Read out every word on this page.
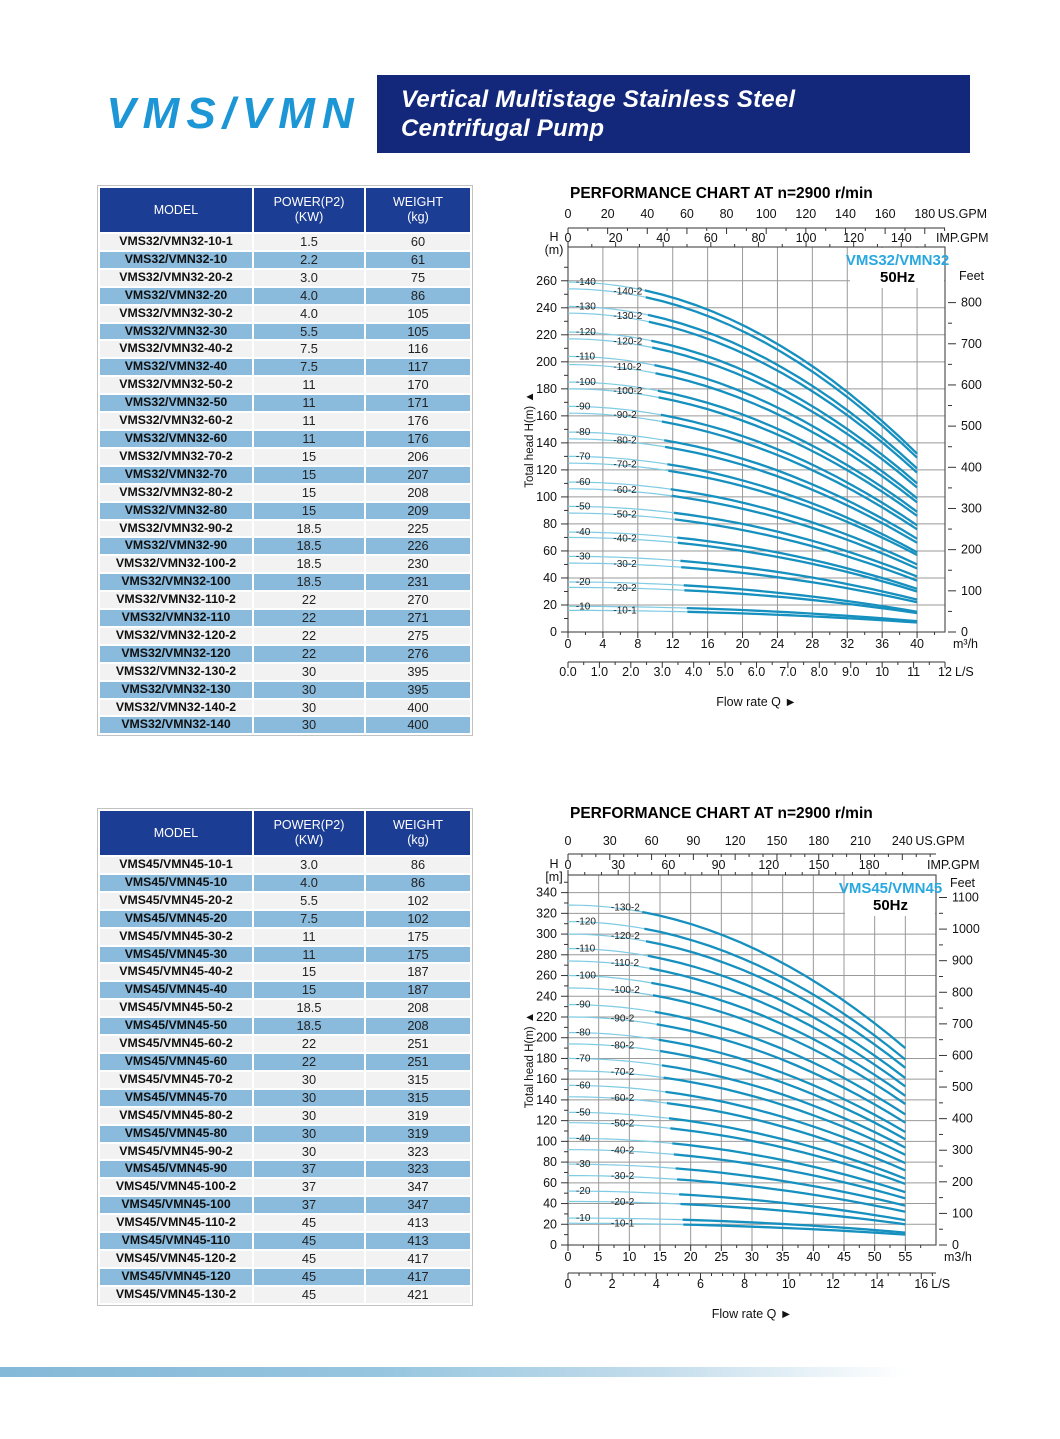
VMS/VMN Vertical Multistage Stainless Steel
Centrifugal Pump
MODEL

POWER(P2)
(KW)

WEIGHT
(kg)

VMS32/VMN32-10-1	1.5	60
VMS32/VMN32-10	2.2	61
VMS32/VMN32-20-2	3.0	75
VMS32/VMN32-20	4.0	86
VMS32/VMN32-30-2	4.0	105
VMS32/VMN32-30	5.5	105
VMS32/VMN32-40-2	7.5	116
VMS32/VMN32-40	7.5	117
VMS32/VMN32-50-2	11	170
VMS32/VMN32-50	11	171
VMS32/VMN32-60-2	11	176
VMS32/VMN32-60	11	176
VMS32/VMN32-70-2	15	206
VMS32/VMN32-70	15	207
VMS32/VMN32-80-2	15	208
VMS32/VMN32-80	15	209
VMS32/VMN32-90-2	18.5	225
VMS32/VMN32-90	18.5	226
VMS32/VMN32-100-2	18.5	230
VMS32/VMN32-100	18.5	231
VMS32/VMN32-110-2	22	270
VMS32/VMN32-110	22	271
VMS32/VMN32-120-2	22	275
VMS32/VMN32-120	22	276
VMS32/VMN32-130-2	30	395
VMS32/VMN32-130	30	395
VMS32/VMN32-140-2	30	400
VMS32/VMN32-140	30	400
MODEL

POWER(P2)
(KW)

WEIGHT
(kg)

VMS45/VMN45-10-1	3.0	86
VMS45/VMN45-10	4.0	86
VMS45/VMN45-20-2	5.5	102
VMS45/VMN45-20	7.5	102
VMS45/VMN45-30-2	11	175
VMS45/VMN45-30	11	175
VMS45/VMN45-40-2	15	187
VMS45/VMN45-40	15	187
VMS45/VMN45-50-2	18.5	208
VMS45/VMN45-50	18.5	208
VMS45/VMN45-60-2	22	251
VMS45/VMN45-60	22	251
VMS45/VMN45-70-2	30	315
VMS45/VMN45-70	30	315
VMS45/VMN45-80-2	30	319
VMS45/VMN45-80	30	319
VMS45/VMN45-90-2	30	323
VMS45/VMN45-90	37	323
VMS45/VMN45-100-2	37	347
VMS45/VMN45-100	37	347
VMS45/VMN45-110-2	45	413
VMS45/VMN45-110	45	413
VMS45/VMN45-120-2	45	417
VMS45/VMN45-120	45	417
VMS45/VMN45-130-2	45	421
PERFORMANCE CHART AT n=2900 r/min
0
20
40
60
80
100
120
140
160
180
200
220
240
260
H
(m)
800
700
600
500
400
300
200
100
0
Feet
0 20 40 60 80 100 120 140 160 180 US.GPM
0	20	40	60	80 100 120 140 IMP.GPM
0 4 8 12 16 20 24 28 32 36 40 m³/h
0.0 1.0 2.0 3.0 4.0 5.0 6.0 7.0 8.0 9.0 10 11 12 L/S
-140
-140-2
-130
-130-2
-120
-120-2
-110
-110-2
-100
-100-2
-90
-90-2
-80
-80-2
-70
-70-2
-60
-60-2
-50
-50-2
-40
-40-2
-30
-30-2
-20
-20-2
-10 -10-1
VMS32/VMN32
50Hz
Total head H(m) ▲
Flow rate Q ►
PERFORMANCE CHART AT n=2900 r/min
0
20
40
60
80
100
120
140
160
180
200
220
240
260
280
300
320
340
H
[m]
1100
1000
900
800
700
600
500
400
300
200
100
0
Feet
0	30 60 90 120 150 180 210 240 US.GPM
0	30	60	90	120 150 180	IMP.GPM
0 5 10 15 20 25 30 35 40 45 50 55	m3/h
0	2	4	6	8	10 12 14 16 L/S
-130-2
-120
-120-2
-110
-110-2
-100
-100-2
-90
-90-2
-80
-80-2
-70
-70-2
-60
-60-2
-50
-50-2
-40
-40-2
-30
-30-2
-20
-20-2
-10 -10-1
VMS45/VMN45
50Hz
Total head H(m) ▲
Flow rate Q ►
